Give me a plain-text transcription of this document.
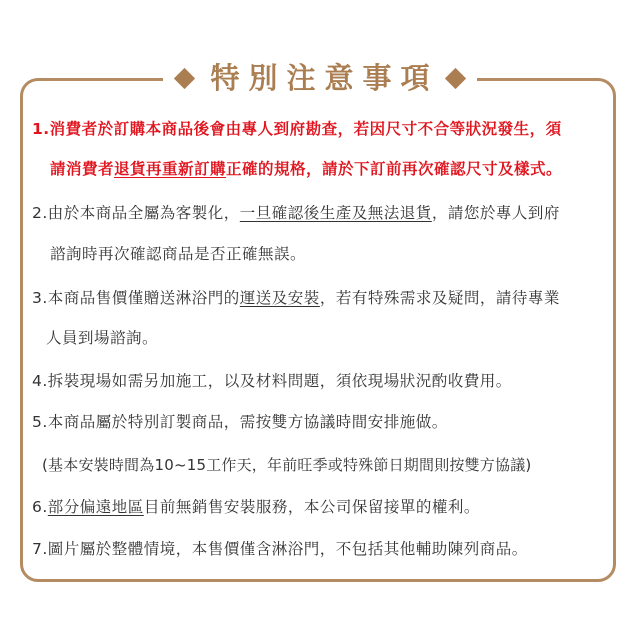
特別注意事項
1.消費者於訂購本商品後會由專人到府勘查，若因尺寸不合等狀況發生，須
請消費者退貨再重新訂購正確的規格，請於下訂前再次確認尺寸及樣式。
2.由於本商品全屬為客製化，一旦確認後生產及無法退貨，請您於專人到府
諮詢時再次確認商品是否正確無誤。
3.本商品售價僅贈送淋浴門的運送及安裝，若有特殊需求及疑問，請待專業
人員到場諮詢。
4.拆裝現場如需另加施工，以及材料問題，須依現場狀況酌收費用。
5.本商品屬於特別訂製商品，需按雙方協議時間安排施做。
(基本安裝時間為10~15工作天，年前旺季或特殊節日期間則按雙方協議)
6.部分偏遠地區目前無銷售安裝服務，本公司保留接單的權利。
7.圖片屬於整體情境，本售價僅含淋浴門，不包括其他輔助陳列商品。
